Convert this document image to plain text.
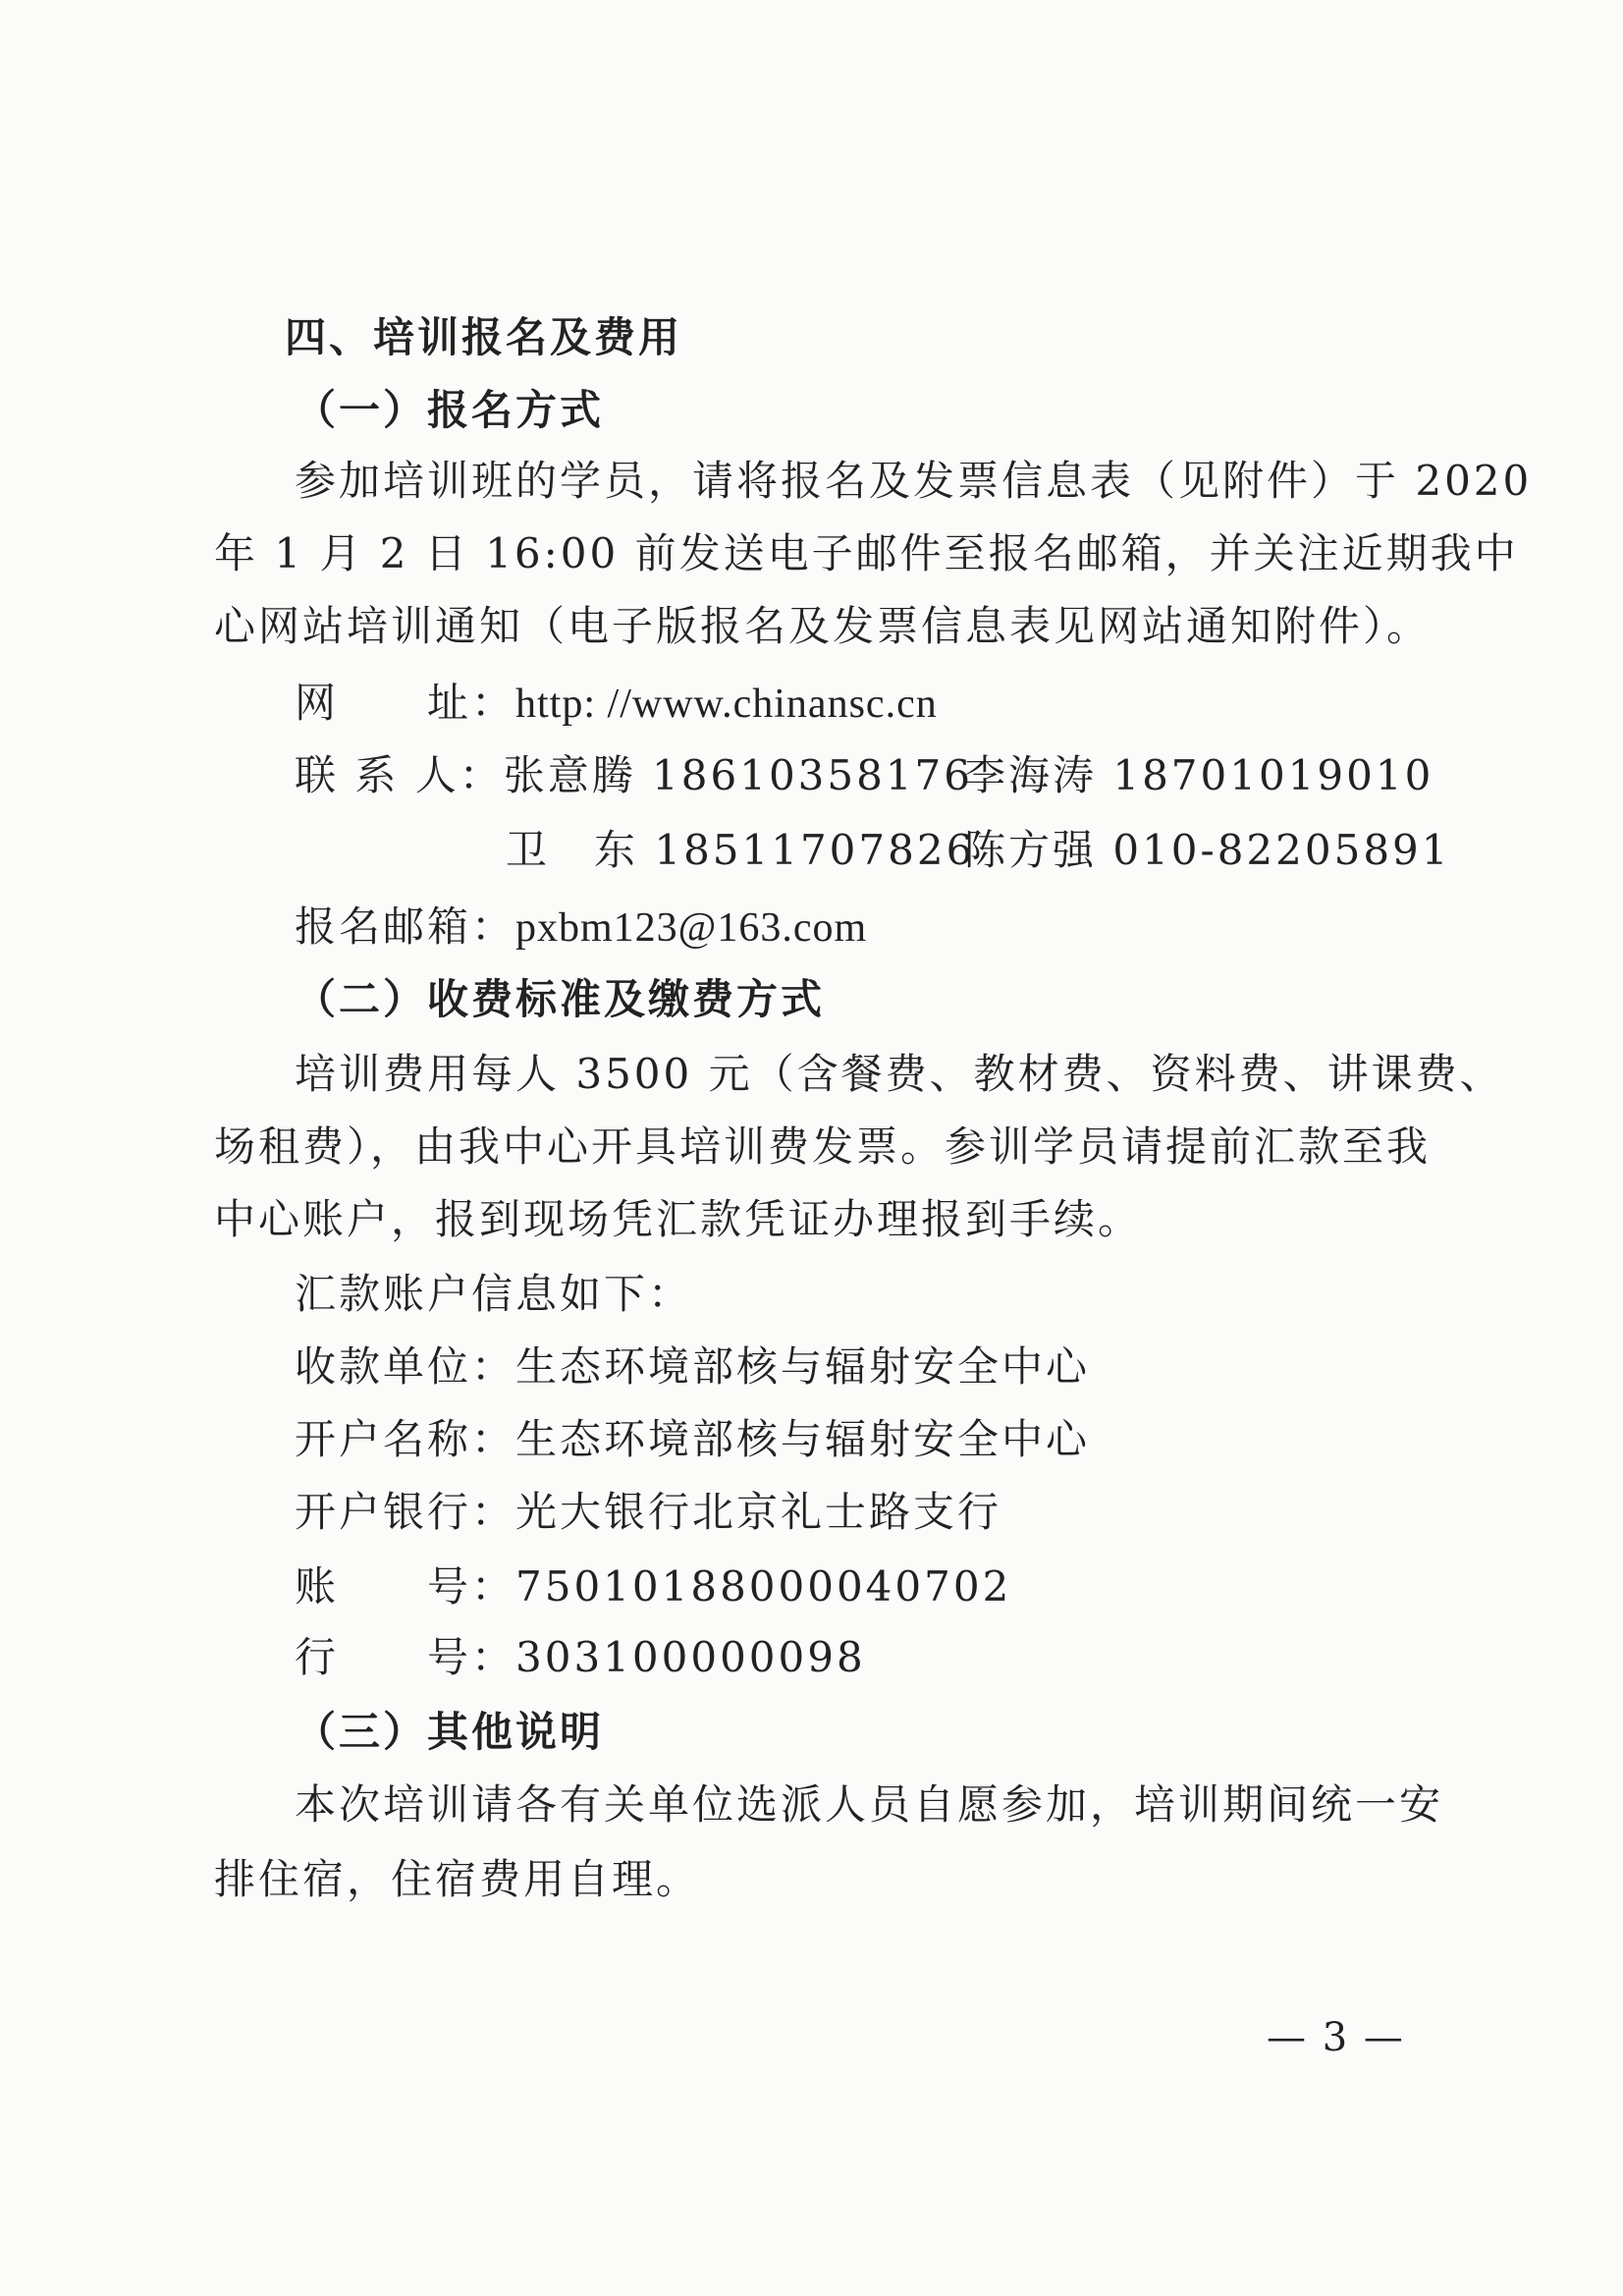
四、培训报名及费用
（一）报名方式
参加培训班的学员，请将报名及发票信息表（见附件）于 2020
年 1 月 2 日 16:00 前发送电子邮件至报名邮箱，并关注近期我中
心网站培训通知（电子版报名及发票信息表见网站通知附件）。
网　　址：http: //www.chinansc.cn
联 系 人：张意腾 18610358176
李海涛 18701019010
卫　东 18511707826
陈方强 010-82205891
报名邮箱：pxbm123@163.com
（二）收费标准及缴费方式
培训费用每人 3500 元（含餐费、教材费、资料费、讲课费、
场租费），由我中心开具培训费发票。参训学员请提前汇款至我
中心账户，报到现场凭汇款凭证办理报到手续。
汇款账户信息如下：
收款单位：生态环境部核与辐射安全中心
开户名称：生态环境部核与辐射安全中心
开户银行：光大银行北京礼士路支行
账　　号：75010188000040702
行　　号：303100000098
（三）其他说明
本次培训请各有关单位选派人员自愿参加，培训期间统一安
排住宿，住宿费用自理。
— 3 —
